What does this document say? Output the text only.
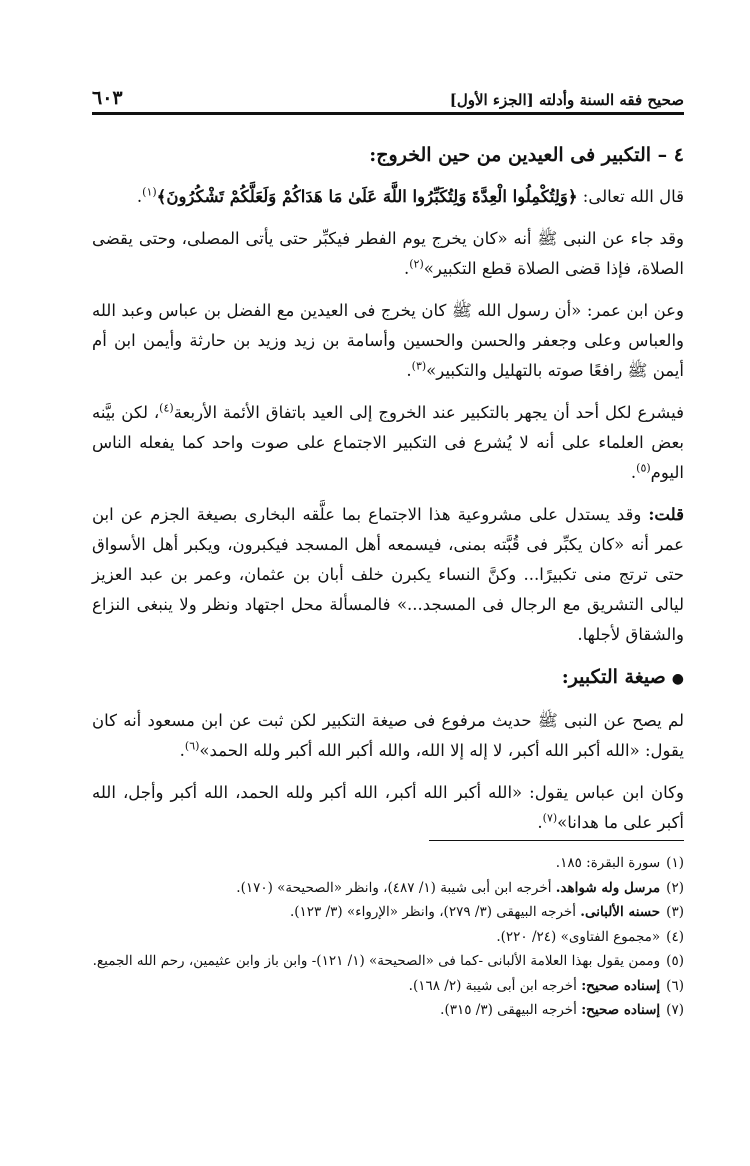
صحيح فقه السنة وأدلته [الجزء الأول]
٦٠٣

٤ – التكبير فى العيدين من حين الخروج:

قال الله تعالى: ﴿وَلِتُكْمِلُوا الْعِدَّةَ وَلِتُكَبِّرُوا اللَّهَ عَلَىٰ مَا هَدَاكُمْ وَلَعَلَّكُمْ تَشْكُرُونَ﴾$^{(١)}$.

وقد جاء عن النبى ﷺ أنه «كان يخرج يوم الفطر فيكبِّر حتى يأتى المصلى، وحتى يقضى الصلاة، فإذا قضى الصلاة قطع التكبير»$^{(٢)}$.

وعن ابن عمر: «أن رسول الله ﷺ كان يخرج فى العيدين مع الفضل بن عباس وعبد الله والعباس وعلى وجعفر والحسن والحسين وأسامة بن زيد وزيد بن حارثة وأيمن ابن أم أيمن ﷺ رافعًا صوته بالتهليل والتكبير»$^{(٣)}$.

فيشرع لكل أحد أن يجهر بالتكبير عند الخروج إلى العيد باتفاق الأئمة الأربعة$^{(٤)}$، لكن بيَّنه بعض العلماء على أنه لا يُشرع فى التكبير الاجتماع على صوت واحد كما يفعله الناس اليوم$^{(٥)}$.

قلت: وقد يستدل على مشروعية هذا الاجتماع بما علَّقه البخارى بصيغة الجزم عن ابن عمر أنه «كان يكبِّر فى قُبَّته بمنى، فيسمعه أهل المسجد فيكبرون، ويكبر أهل الأسواق حتى ترتج منى تكبيرًا... وكنَّ النساء يكبرن خلف أبان بن عثمان، وعمر بن عبد العزيز ليالى التشريق مع الرجال فى المسجد...» فالمسألة محل اجتهاد ونظر ولا ينبغى النزاع والشقاق لأجلها.

●صيغة التكبير:

لم يصح عن النبى ﷺ حديث مرفوع فى صيغة التكبير لكن ثبت عن ابن مسعود أنه كان يقول: «الله أكبر الله أكبر، لا إله إلا الله، والله أكبر الله أكبر ولله الحمد»$^{(٦)}$.

وكان ابن عباس يقول: «الله أكبر الله أكبر، الله أكبر ولله الحمد، الله أكبر وأجل، الله أكبر على ما هدانا»$^{(٧)}$.

(١)سورة البقرة: ١٨٥.
(٢)مرسل وله شواهد. أخرجه ابن أبى شيبة (١/ ٤٨٧)، وانظر «الصحيحة» (١٧٠).
(٣)حسنه الألبانى. أخرجه البيهقى (٣/ ٢٧٩)، وانظر «الإرواء» (٣/ ١٢٣).
(٤)«مجموع الفتاوى» (٢٤/ ٢٢٠).
(٥)وممن يقول بهذا العلامة الألبانى -كما فى «الصحيحة» (١/ ١٢١)- وابن باز وابن عثيمين، رحم الله الجميع.
(٦)إسناده صحيح: أخرجه ابن أبى شيبة (٢/ ١٦٨).
(٧)إسناده صحيح: أخرجه البيهقى (٣/ ٣١٥).
